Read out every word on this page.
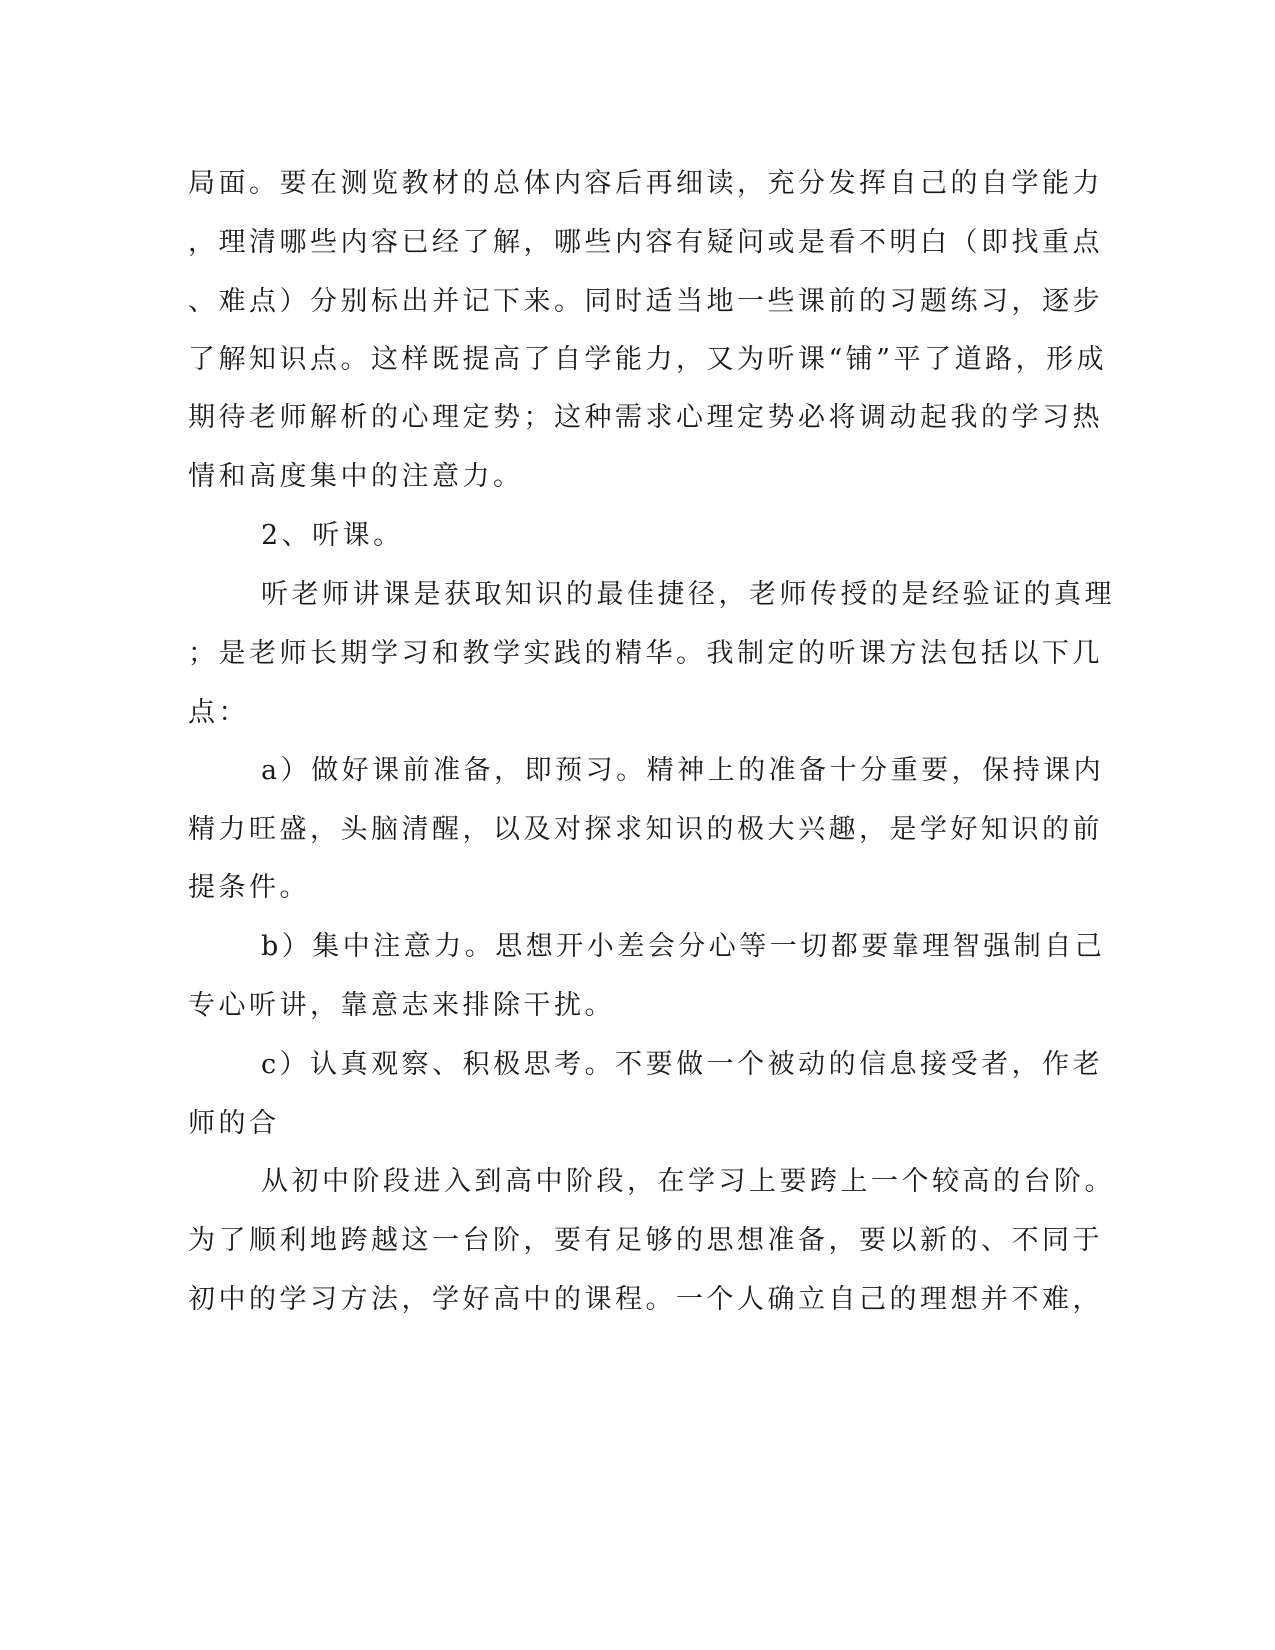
局面。要在测览教材的总体内容后再细读，充分发挥自己的自学能力
，理清哪些内容已经了解，哪些内容有疑问或是看不明白（即找重点
、难点）分别标出并记下来。同时适当地一些课前的习题练习，逐步
了解知识点。这样既提高了自学能力，又为听课“铺”平了道路，形成
期待老师解析的心理定势；这种需求心理定势必将调动起我的学习热
情和高度集中的注意力。
2、听课。
听老师讲课是获取知识的最佳捷径，老师传授的是经验证的真理
；是老师长期学习和教学实践的精华。我制定的听课方法包括以下几
点：
a）做好课前准备，即预习。精神上的准备十分重要，保持课内
精力旺盛，头脑清醒，以及对探求知识的极大兴趣，是学好知识的前
提条件。
b）集中注意力。思想开小差会分心等一切都要靠理智强制自己
专心听讲，靠意志来排除干扰。
c）认真观察、积极思考。不要做一个被动的信息接受者，作老
师的合
从初中阶段进入到高中阶段，在学习上要跨上一个较高的台阶。
为了顺利地跨越这一台阶，要有足够的思想准备，要以新的、不同于
初中的学习方法，学好高中的课程。一个人确立自己的理想并不难，
